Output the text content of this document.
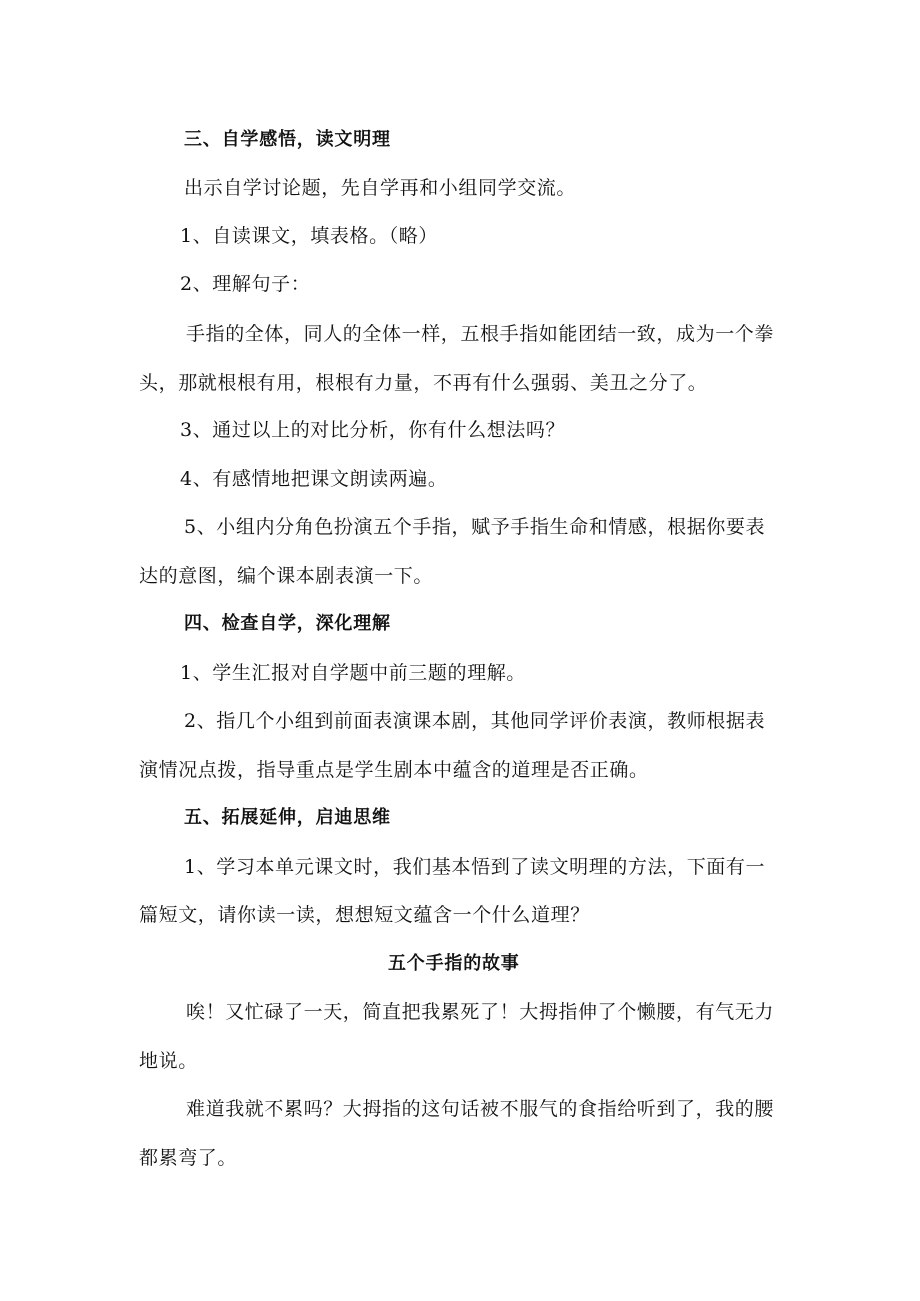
三、自学感悟，读文明理
出示自学讨论题，先自学再和小组同学交流。
1、自读课文，填表格。（略）
2、理解句子：
手指的全体，同人的全体一样，五根手指如能团结一致，成为一个拳
头，那就根根有用，根根有力量，不再有什么强弱、美丑之分了。
3、通过以上的对比分析，你有什么想法吗？
4、有感情地把课文朗读两遍。
5、小组内分角色扮演五个手指，赋予手指生命和情感，根据你要表
达的意图，编个课本剧表演一下。
四、检查自学，深化理解
1、学生汇报对自学题中前三题的理解。
2、指几个小组到前面表演课本剧，其他同学评价表演，教师根据表
演情况点拨，指导重点是学生剧本中蕴含的道理是否正确。
五、拓展延伸，启迪思维
1、学习本单元课文时，我们基本悟到了读文明理的方法，下面有一
篇短文，请你读一读，想想短文蕴含一个什么道理？
五个手指的故事
唉！又忙碌了一天，简直把我累死了！大拇指伸了个懒腰，有气无力
地说。
难道我就不累吗？大拇指的这句话被不服气的食指给听到了，我的腰
都累弯了。
